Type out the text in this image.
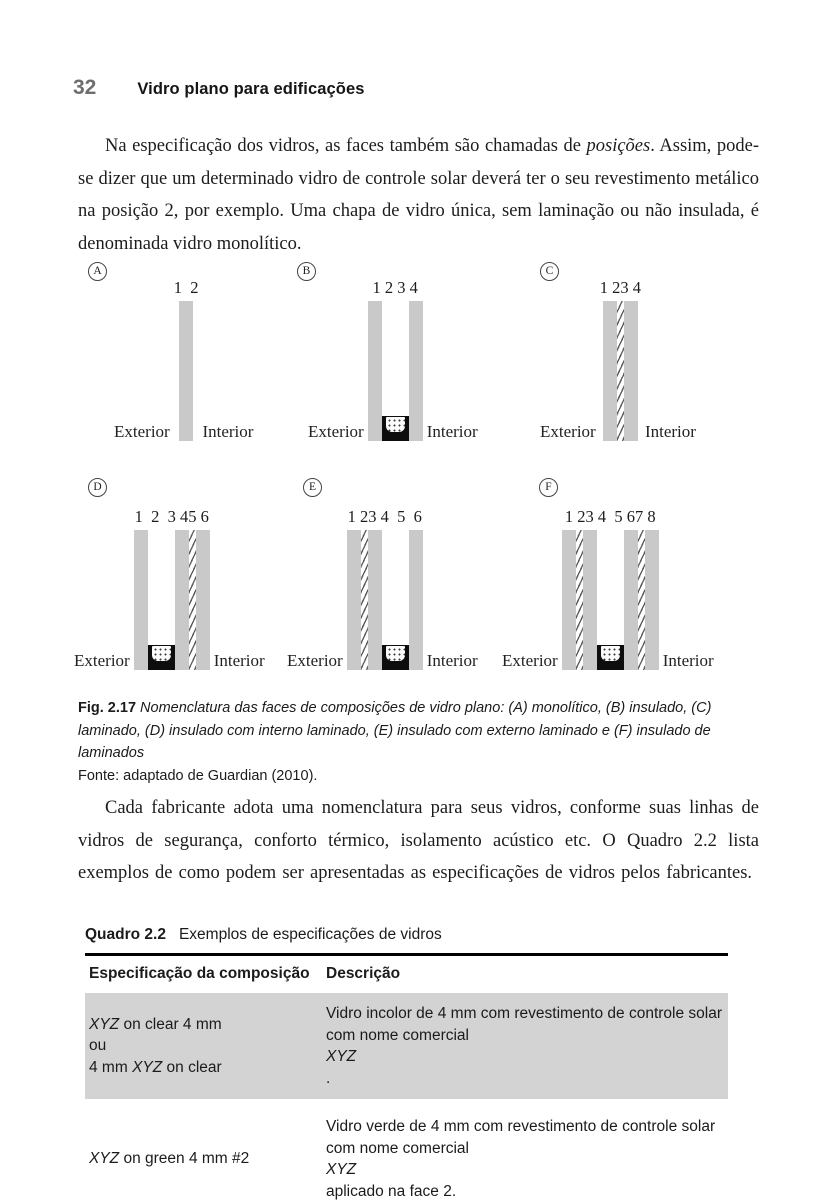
32 Vidro plano para edificações

Na especificação dos vidros, as faces também são chamadas de posições. Assim, pode-se dizer que um determinado vidro de controle solar deverá ter o seu revestimento metálico na posição 2, por exemplo. Uma chapa de vidro única, sem laminação ou não insulada, é denominada vidro monolítico.

A
Exterior
1  2
Interior
B
Exterior
1 2 3 4
Interior
C
Exterior
1 23 4
Interior
D
Exterior
1  2  3 45 6
Interior
E
Exterior
1 23 4  5  6
Interior
F
Exterior
1 23 4  5 67 8
Interior
Fig. 2.17 Nomenclatura das faces de composições de vidro plano: (A) monolítico, (B) insulado, (C) laminado, (D) insulado com interno laminado, (E) insulado com externo laminado e (F) insulado de laminados
Fonte: adaptado de Guardian (2010).

Cada fabricante adota uma nomenclatura para seus vidros, conforme suas linhas de vidros de segurança, conforto térmico, isolamento acústico etc. O Quadro 2.2 lista exemplos de como podem ser apresentadas as especificações de vidros pelos fabricantes.

Quadro 2.2 Exemplos de especificações de vidros
Especificação da composição	Descrição
XYZ on clear 4 mm
ou
4 mm XYZ on clear
Vidro incolor de 4 mm com revestimento de controle solar com nome comercial
XYZ
.
XYZ on green 4 mm #2
Vidro verde de 4 mm com revestimento de controle solar com nome comercial
XYZ
aplicado na face 2.
